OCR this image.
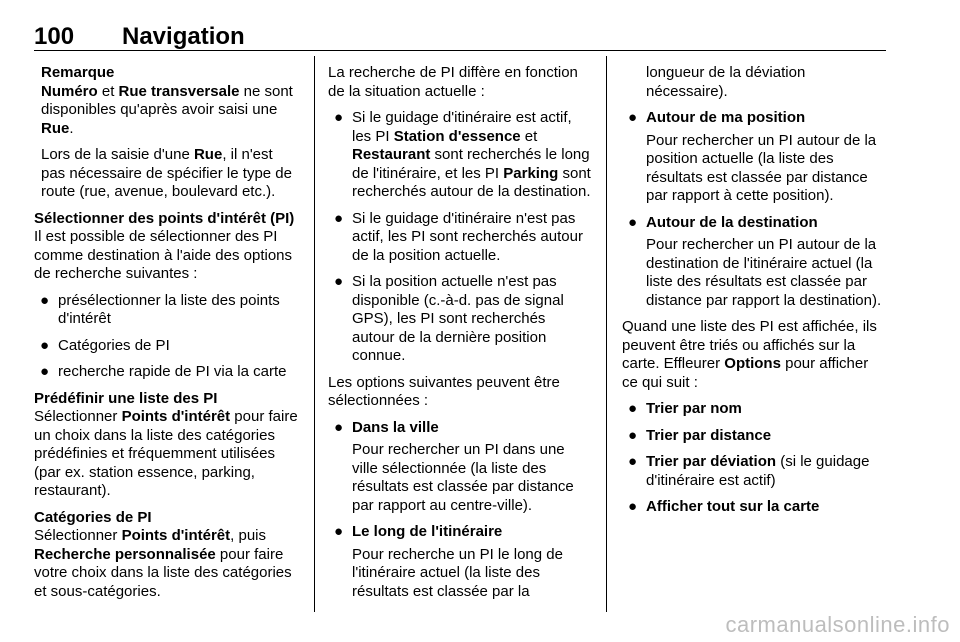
100 Navigation

Remarque

Numéro et Rue transversale ne sont disponibles qu'après avoir saisi une Rue.

Lors de la saisie d'une Rue, il n'est pas nécessaire de spécifier le type de route (rue, avenue, boulevard etc.).

Sélectionner des points d'intérêt (PI)

Il est possible de sélectionner des PI comme destination à l'aide des options de recherche suivantes :

● présélectionner la liste des points d'intérêt
● Catégories de PI
● recherche rapide de PI via la carte

Prédéfinir une liste des PI

Sélectionner Points d'intérêt pour faire un choix dans la liste des catégories prédéfinies et fréquemment utilisées (par ex. station essence, parking, restaurant).

Catégories de PI

Sélectionner Points d'intérêt, puis Recherche personnalisée pour faire votre choix dans la liste des catégories et sous-catégories.

La recherche de PI diffère en fonction de la situation actuelle :

● Si le guidage d'itinéraire est actif, les PI Station d'essence et Restaurant sont recherchés le long de l'itinéraire, et les PI Parking sont recherchés autour de la destination.
● Si le guidage d'itinéraire n'est pas actif, les PI sont recherchés autour de la position actuelle.
● Si la position actuelle n'est pas disponible (c.-à-d. pas de signal GPS), les PI sont recherchés autour de la dernière position connue.

Les options suivantes peuvent être sélectionnées :

● Dans la ville
Pour rechercher un PI dans une ville sélectionnée (la liste des résultats est classée par distance par rapport au centre-ville).
● Le long de l'itinéraire
Pour recherche un PI le long de l'itinéraire actuel (la liste des résultats est classée par la
longueur de la déviation nécessaire).
● Autour de ma position
Pour rechercher un PI autour de la position actuelle (la liste des résultats est classée par distance par rapport à cette position).
● Autour de la destination
Pour rechercher un PI autour de la destination de l'itinéraire actuel (la liste des résultats est classée par distance par rapport la destination).

Quand une liste des PI est affichée, ils peuvent être triés ou affichés sur la carte. Effleurer Options pour afficher ce qui suit :

● Trier par nom
● Trier par distance
● Trier par déviation (si le guidage d'itinéraire est actif)
● Afficher tout sur la carte
carmanualsonline.info
